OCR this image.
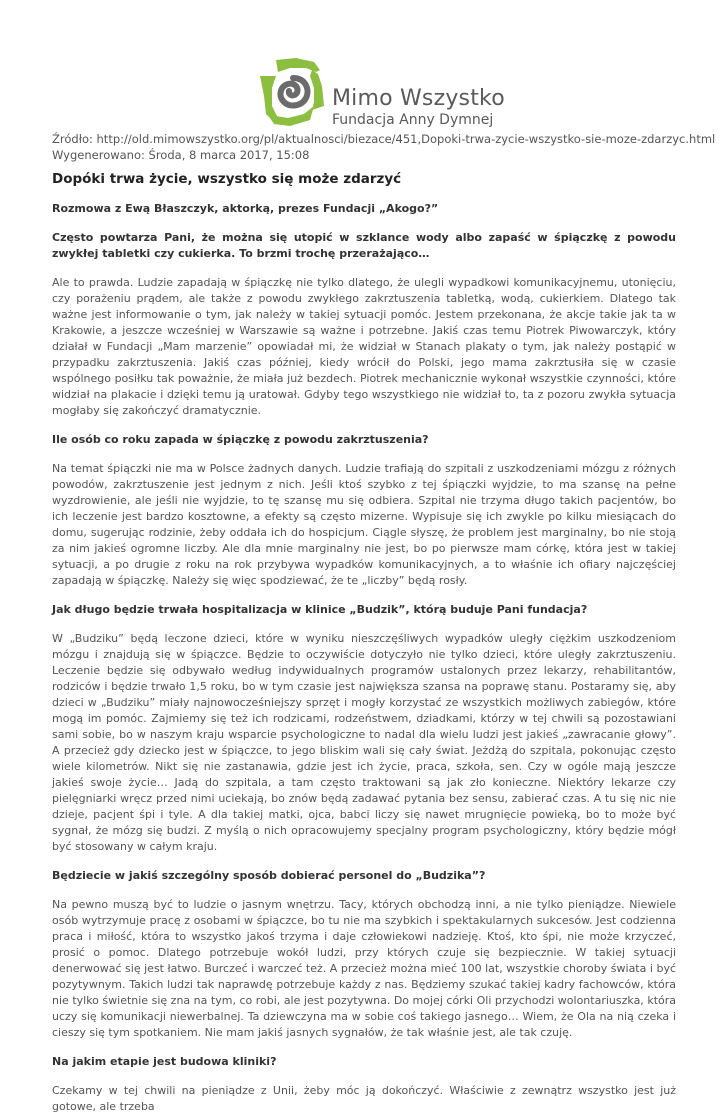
Mimo Wszystko
Fundacja Anny Dymnej
Źródło: http://old.mimowszystko.org/pl/aktualnosci/biezace/451,Dopoki-trwa-zycie-wszystko-sie-moze-zdarzyc.html
Wygenerowano: Środa, 8 marca 2017, 15:08
Dopóki trwa życie, wszystko się może zdarzyć

Rozmowa z Ewą Błaszczyk, aktorką, prezes Fundacji „Akogo?”

Często powtarza Pani, że można się utopić w szklance wody albo zapaść w śpiączkę z powodu zwykłej tabletki czy cukierka. To brzmi trochę przerażająco…

Ale to prawda. Ludzie zapadają w śpiączkę nie tylko dlatego, że ulegli wypadkowi komunikacyjnemu, utonięciu, czy porażeniu prądem, ale także z powodu zwykłego zakrztuszenia tabletką, wodą, cukierkiem. Dlatego tak ważne jest informowanie o tym, jak należy w takiej sytuacji pomóc. Jestem przekonana, że akcje takie jak ta w Krakowie, a jeszcze wcześniej w Warszawie są ważne i potrzebne. Jakiś czas temu Piotrek Piwowarczyk, który działał w Fundacji „Mam marzenie” opowiadał mi, że widział w Stanach plakaty o tym, jak należy postąpić w przypadku zakrztuszenia. Jakiś czas później, kiedy wrócił do Polski, jego mama zakrztusiła się w czasie wspólnego posiłku tak poważnie, że miała już bezdech. Piotrek mechanicznie wykonał wszystkie czynności, które widział na plakacie i dzięki temu ją uratował. Gdyby tego wszystkiego nie widział to, ta z pozoru zwykła sytuacja mogłaby się zakończyć dramatycznie.

Ile osób co roku zapada w śpiączkę z powodu zakrztuszenia?

Na temat śpiączki nie ma w Polsce żadnych danych. Ludzie trafiają do szpitali z uszkodzeniami mózgu z różnych powodów, zakrztuszenie jest jednym z nich. Jeśli ktoś szybko z tej śpiączki wyjdzie, to ma szansę na pełne wyzdrowienie, ale jeśli nie wyjdzie, to tę szansę mu się odbiera. Szpital nie trzyma długo takich pacjentów, bo ich leczenie jest bardzo kosztowne, a efekty są często mizerne. Wypisuje się ich zwykle po kilku miesiącach do domu, sugerując rodzinie, żeby oddała ich do hospicjum. Ciągle słyszę, że problem jest marginalny, bo nie stoją za nim jakieś ogromne liczby. Ale dla mnie marginalny nie jest, bo po pierwsze mam córkę, która jest w takiej sytuacji, a po drugie z roku na rok przybywa wypadków komunikacyjnych, a to właśnie ich ofiary najczęściej zapadają w śpiączkę. Należy się więc spodziewać, że te „liczby” będą rosły.

Jak długo będzie trwała hospitalizacja w klinice „Budzik”, którą buduje Pani fundacja?

W „Budziku” będą leczone dzieci, które w wyniku nieszczęśliwych wypadków uległy ciężkim uszkodzeniom mózgu i znajdują się w śpiączce. Będzie to oczywiście dotyczyło nie tylko dzieci, które uległy zakrztuszeniu. Leczenie będzie się odbywało według indywidualnych programów ustalonych przez lekarzy, rehabilitantów, rodziców i będzie trwało 1,5 roku, bo w tym czasie jest największa szansa na poprawę stanu. Postaramy się, aby dzieci w „Budziku” miały najnowocześniejszy sprzęt i mogły korzystać ze wszystkich możliwych zabiegów, które mogą im pomóc. Zajmiemy się też ich rodzicami, rodzeństwem, dziadkami, którzy w tej chwili są pozostawiani sami sobie, bo w naszym kraju wsparcie psychologiczne to nadal dla wielu ludzi jest jakieś „zawracanie głowy”. A przecież gdy dziecko jest w śpiączce, to jego bliskim wali się cały świat. Jeżdżą do szpitala, pokonując często wiele kilometrów. Nikt się nie zastanawia, gdzie jest ich życie, praca, szkoła, sen. Czy w ogóle mają jeszcze jakieś swoje życie… Jadą do szpitala, a tam często traktowani są jak zło konieczne. Niektóry lekarze czy pielęgniarki wręcz przed nimi uciekają, bo znów będą zadawać pytania bez sensu, zabierać czas. A tu się nic nie dzieje, pacjent śpi i tyle. A dla takiej matki, ojca, babci liczy się nawet mrugnięcie powieką, bo to może być sygnał, że mózg się budzi. Z myślą o nich opracowujemy specjalny program psychologiczny, który będzie mógł być stosowany w całym kraju.

Będziecie w jakiś szczególny sposób dobierać personel do „Budzika”?

Na pewno muszą być to ludzie o jasnym wnętrzu. Tacy, których obchodzą inni, a nie tylko pieniądze. Niewiele osób wytrzymuje pracę z osobami w śpiączce, bo tu nie ma szybkich i spektakularnych sukcesów. Jest codzienna praca i miłość, która to wszystko jakoś trzyma i daje człowiekowi nadzieję. Ktoś, kto śpi, nie może krzyczeć, prosić o pomoc. Dlatego potrzebuje wokół ludzi, przy których czuje się bezpiecznie. W takiej sytuacji denerwować się jest łatwo. Burczeć i warczeć też. A przecież można mieć 100 lat, wszystkie choroby świata i być pozytywnym. Takich ludzi tak naprawdę potrzebuje każdy z nas. Będziemy szukać takiej kadry fachowców, która nie tylko świetnie się zna na tym, co robi, ale jest pozytywna. Do mojej córki Oli przychodzi wolontariuszka, która uczy się komunikacji niewerbalnej. Ta dziewczyna ma w sobie coś takiego jasnego… Wiem, że Ola na nią czeka i cieszy się tym spotkaniem. Nie mam jakiś jasnych sygnałów, że tak właśnie jest, ale tak czuję.

Na jakim etapie jest budowa kliniki?

Czekamy w tej chwili na pieniądze z Unii, żeby móc ją dokończyć. Właściwie z zewnątrz wszystko jest już gotowe, ale trzeba
